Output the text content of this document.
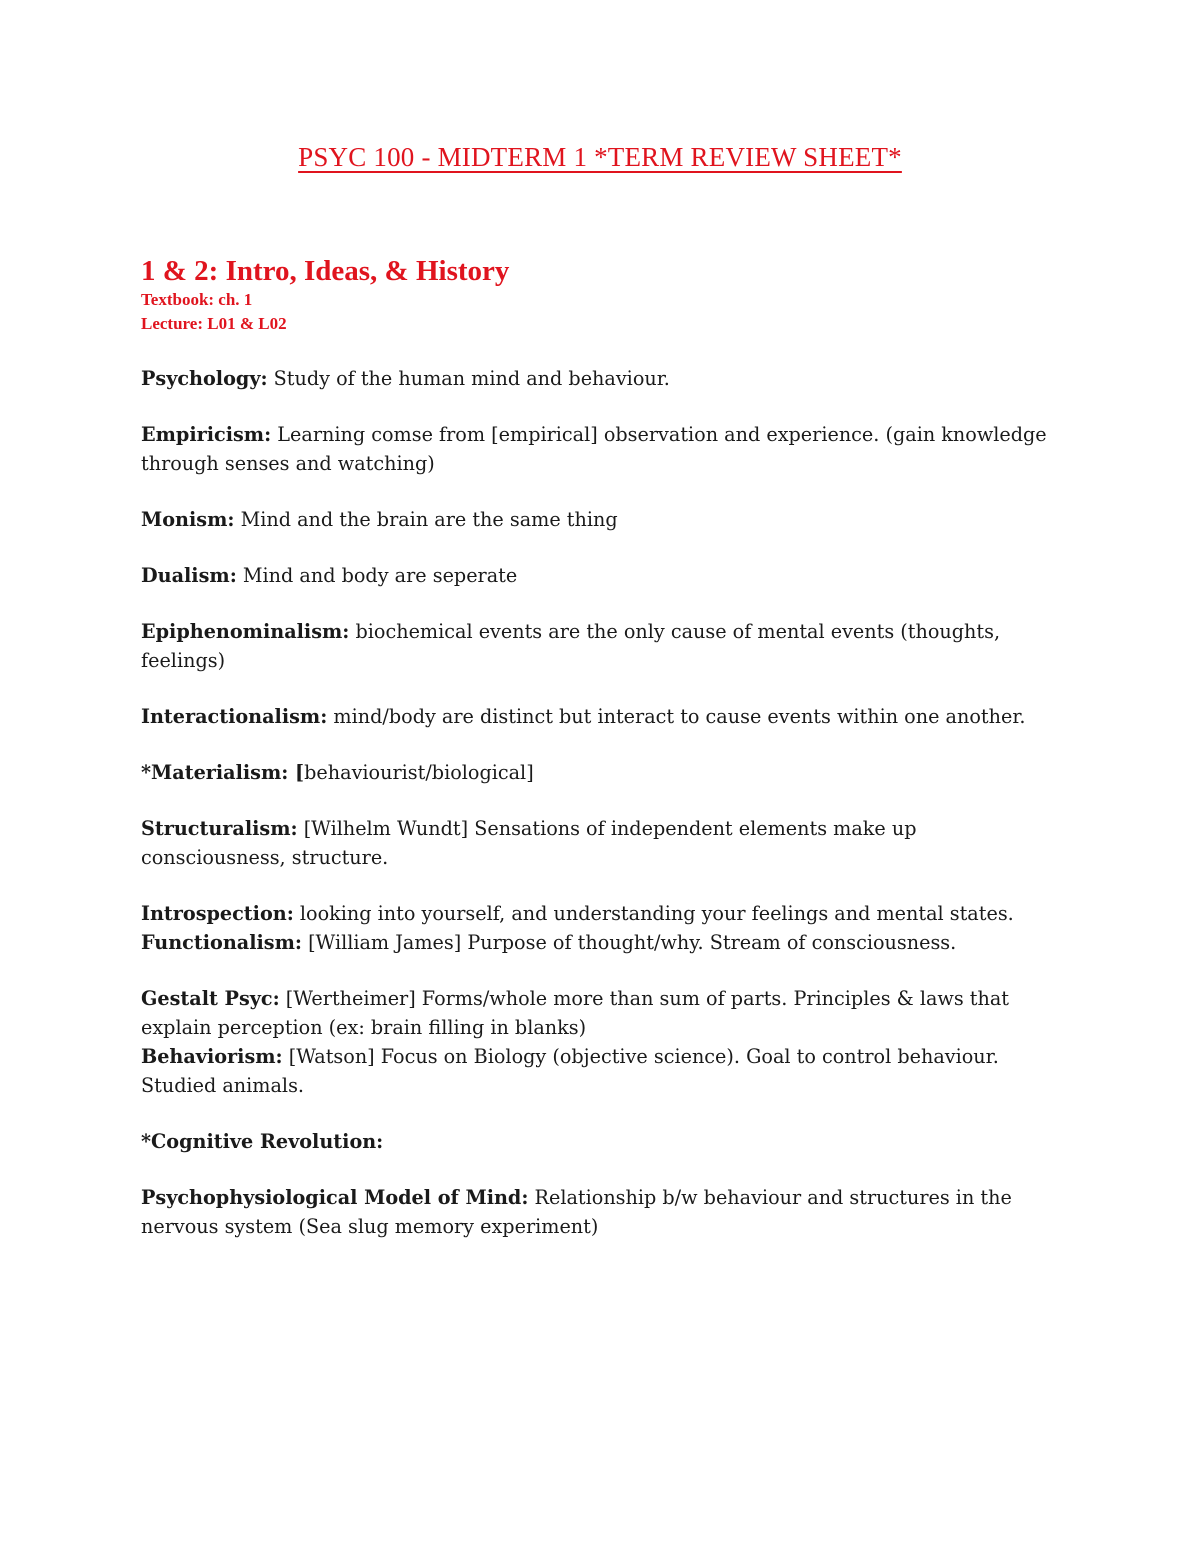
PSYC 100 - MIDTERM 1 *TERM REVIEW SHEET*

1 & 2: Intro, Ideas, & History

Textbook: ch. 1

Lecture: L01 & L02

Psychology: Study of the human mind and behaviour.

Empiricism: Learning comse from [empirical] observation and experience. (gain knowledge through senses and watching)

Monism: Mind and the brain are the same thing

Dualism: Mind and body are seperate

Epiphenominalism: biochemical events are the only cause of mental events (thoughts, feelings)

Interactionalism: mind/body are distinct but interact to cause events within one another.

*Materialism: [behaviourist/biological]

Structuralism: [Wilhelm Wundt] Sensations of independent elements make up consciousness, structure.

Introspection: looking into yourself, and understanding your feelings and mental states.

Functionalism: [William James] Purpose of thought/why. Stream of consciousness.

Gestalt Psyc: [Wertheimer] Forms/whole more than sum of parts. Principles & laws that explain perception (ex: brain filling in blanks)

Behaviorism: [Watson] Focus on Biology (objective science). Goal to control behaviour. Studied animals.

*Cognitive Revolution:

Psychophysiological Model of Mind: Relationship b/w behaviour and structures in the nervous system (Sea slug memory experiment)
